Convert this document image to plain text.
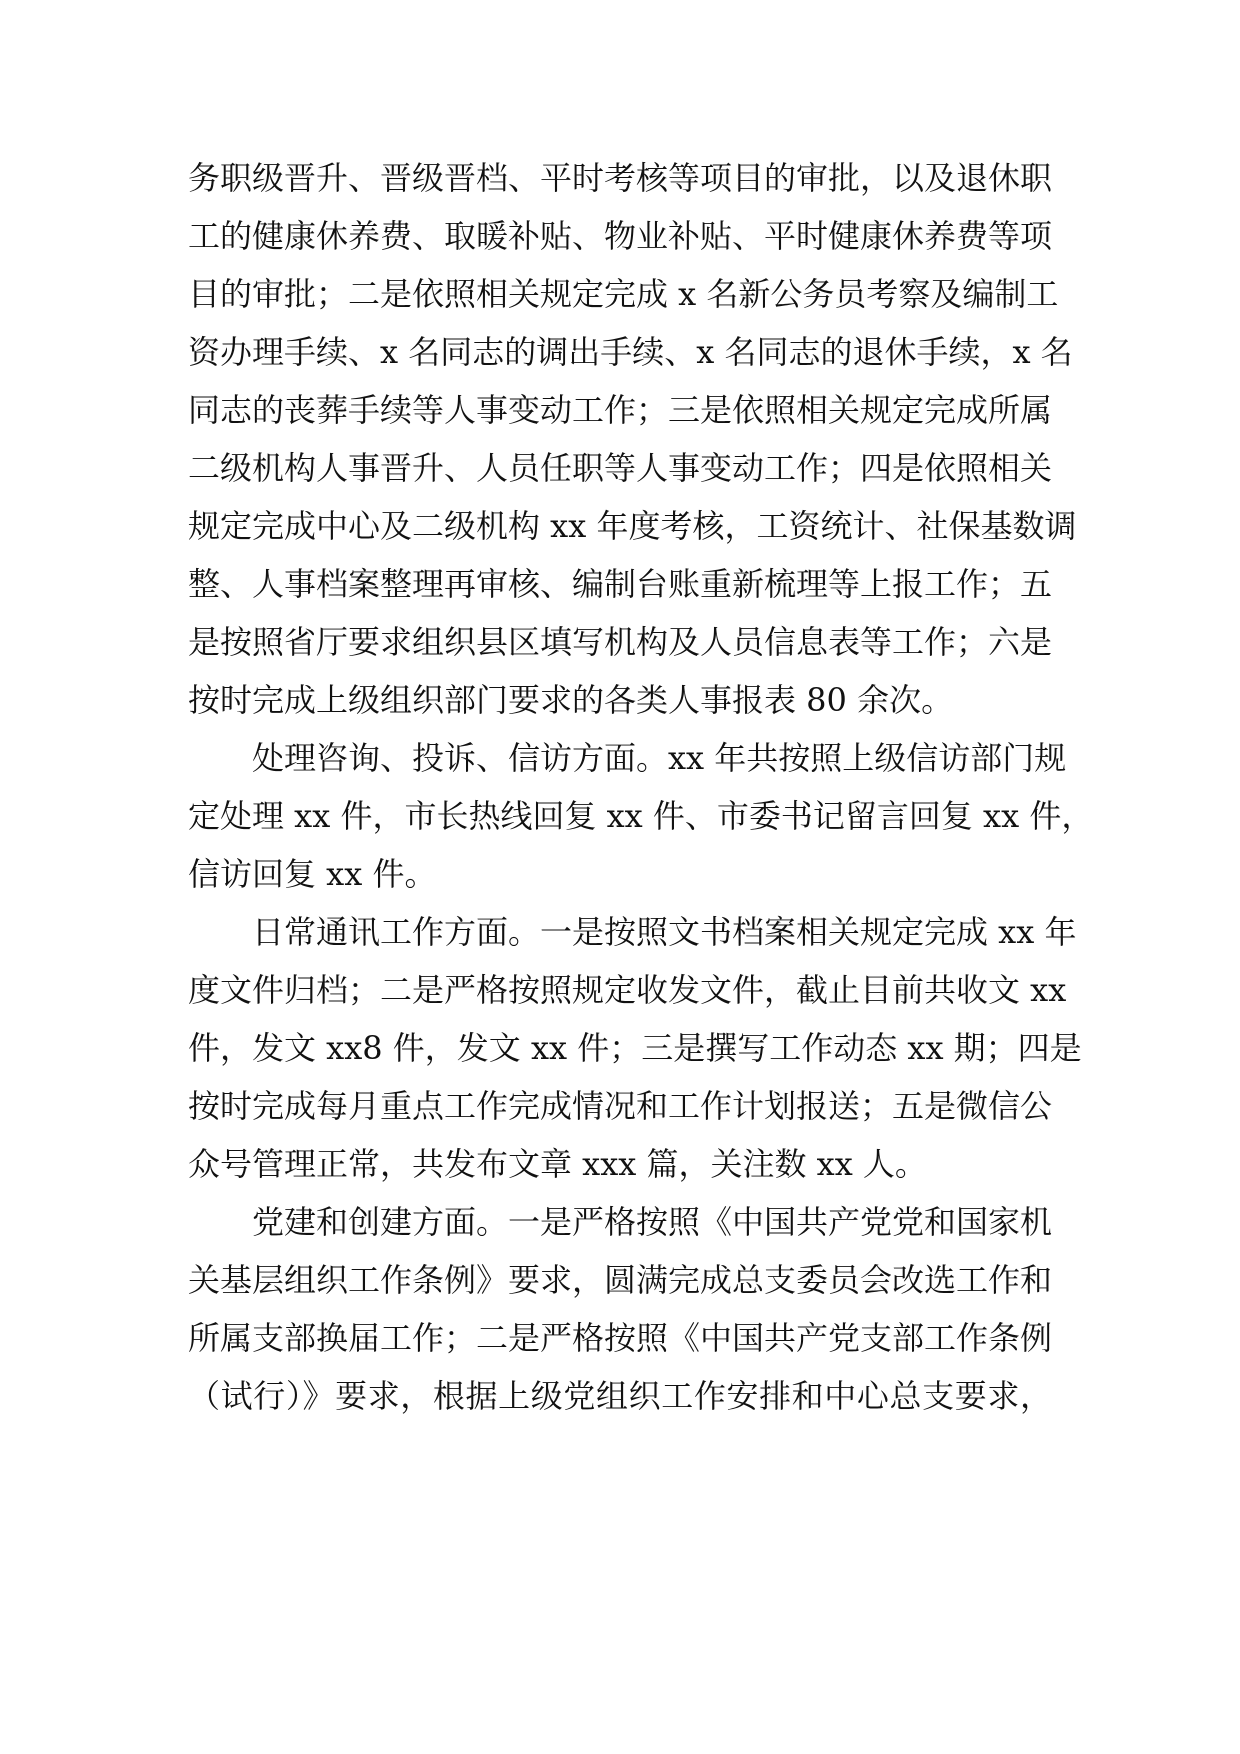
务职级晋升、晋级晋档、平时考核等项目的审批，以及退休职
工的健康休养费、取暖补贴、物业补贴、平时健康休养费等项
目的审批；二是依照相关规定完成 x 名新公务员考察及编制工
资办理手续、x 名同志的调出手续、x 名同志的退休手续，x 名
同志的丧葬手续等人事变动工作；三是依照相关规定完成所属
二级机构人事晋升、人员任职等人事变动工作；四是依照相关
规定完成中心及二级机构 xx 年度考核，工资统计、社保基数调
整、人事档案整理再审核、编制台账重新梳理等上报工作；五
是按照省厅要求组织县区填写机构及人员信息表等工作；六是
按时完成上级组织部门要求的各类人事报表 80 余次。
处理咨询、投诉、信访方面。xx 年共按照上级信访部门规
定处理 xx 件，市长热线回复 xx 件、市委书记留言回复 xx 件，
信访回复 xx 件。
日常通讯工作方面。一是按照文书档案相关规定完成 xx 年
度文件归档；二是严格按照规定收发文件，截止目前共收文 xx
件，发文 xx8 件，发文 xx 件；三是撰写工作动态 xx 期；四是
按时完成每月重点工作完成情况和工作计划报送；五是微信公
众号管理正常，共发布文章 xxx 篇，关注数 xx 人。
党建和创建方面。一是严格按照《中国共产党党和国家机
关基层组织工作条例》要求，圆满完成总支委员会改选工作和
所属支部换届工作；二是严格按照《中国共产党支部工作条例
（试行）》要求，根据上级党组织工作安排和中心总支要求，
